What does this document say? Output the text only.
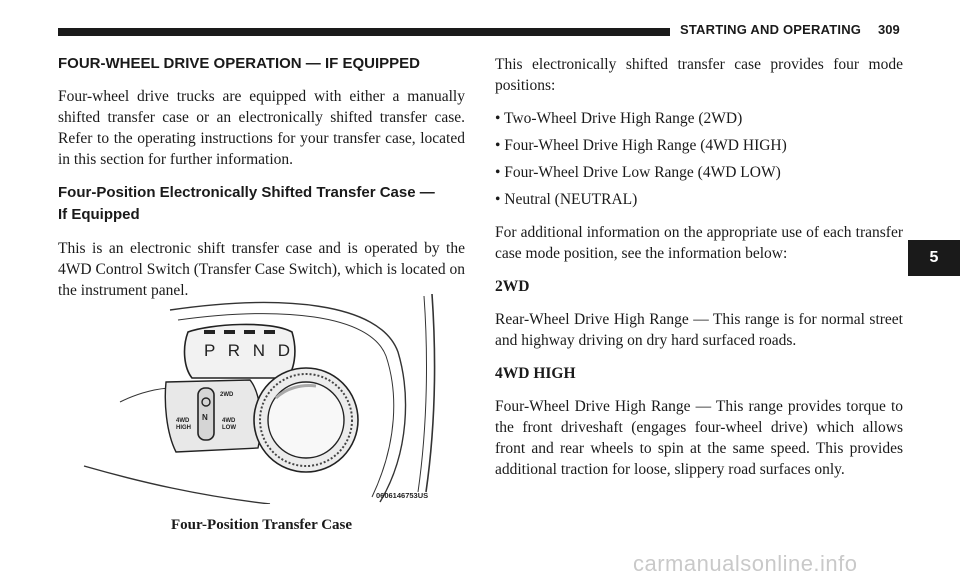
STARTING AND OPERATING 309
5
FOUR-WHEEL DRIVE OPERATION — IF EQUIPPED

Four-wheel drive trucks are equipped with either a manually shifted transfer case or an electronically shifted transfer case. Refer to the operating instructions for your transfer case, located in this section for further information.

Four-Position Electronically Shifted Transfer Case —
If Equipped

This is an electronic shift transfer case and is operated by the 4WD Control Switch (Transfer Case Switch), which is located on the instrument panel.

P R N D
N
2WD
4WD
HIGH
4WD
LOW
0606146753US
Four-Position Transfer Case

This electronically shifted transfer case provides four mode positions:

• Two-Wheel Drive High Range (2WD)
• Four-Wheel Drive High Range (4WD HIGH)
• Four-Wheel Drive Low Range (4WD LOW)
• Neutral (NEUTRAL)

For additional information on the appropriate use of each transfer case mode position, see the information below:

2WD

Rear-Wheel Drive High Range — This range is for normal street and highway driving on dry hard surfaced roads.

4WD HIGH

Four-Wheel Drive High Range — This range provides torque to the front driveshaft (engages four-wheel drive) which allows front and rear wheels to spin at the same speed. This provides additional traction for loose, slippery road surfaces only.

carmanualsonline.info
